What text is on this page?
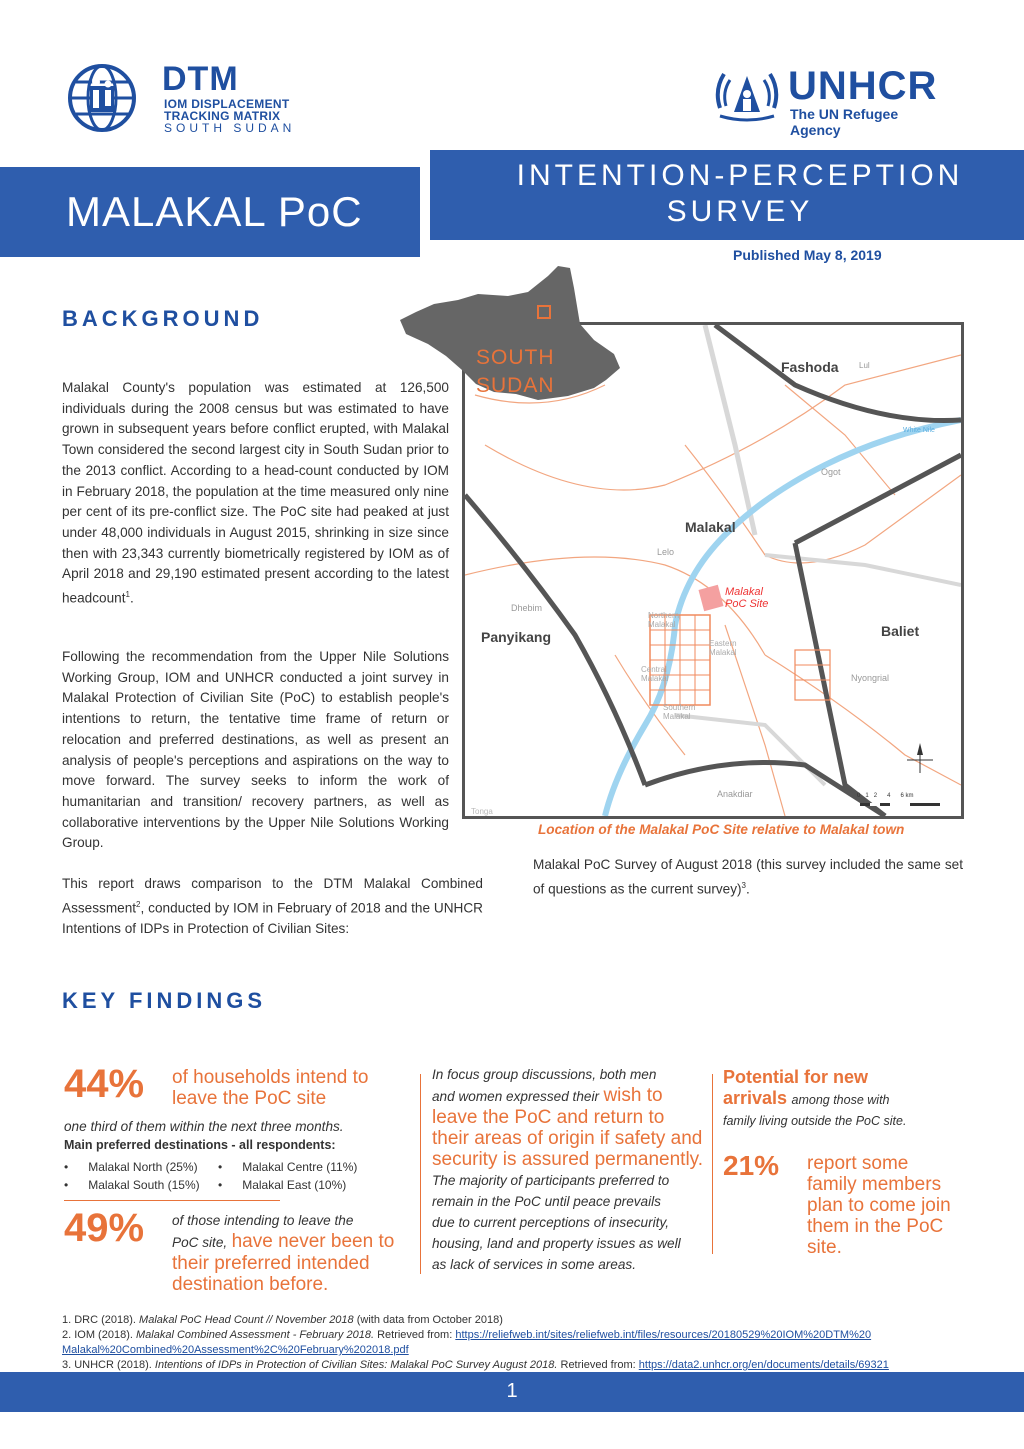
DTM
IOM DISPLACEMENT
TRACKING MATRIX
SOUTH SUDAN
UNHCR
The UN Refugee Agency
MALAKAL PoC
INTENTION-PERCEPTION
SURVEY
Published May 8, 2019
BACKGROUND
Malakal County's population was estimated at 126,500 individuals during the 2008 census but was estimated to have grown in subsequent years before conflict erupted, with Malakal Town considered the second largest city in South Sudan prior to the 2013 conflict. According to a head-count conducted by IOM in February 2018, the population at the time measured only nine per cent of its pre-conflict size. The PoC site had peaked at just under 48,000 individuals in August 2015, shrinking in size since then with 23,343 currently biometrically registered by IOM as of April 2018 and 29,190 estimated present according to the latest headcount$^1$.
Following the recommendation from the Upper Nile Solutions Working Group, IOM and UNHCR conducted a joint survey in Malakal Protection of Civilian Site (PoC) to establish people's intentions to return, the tentative time frame of return or relocation and preferred destinations, as well as present an analysis of people's perceptions and aspirations on the way to move forward. The survey seeks to inform the work of humanitarian and transition/ recovery partners, as well as collaborative interventions by the Upper Nile Solutions Working Group.
This report draws comparison to the DTM Malakal Combined Assessment$^2$, conducted by IOM in February of 2018 and the UNHCR Intentions of IDPs in Protection of Civilian Sites:
Malakal PoC Survey of August 2018 (this survey included the same set of questions as the current survey)$^3$.
Fashoda	Lul
White Nile
Ogot
Malakal
Lelo
Malakal
PoC Site
Dhebim
Panyikang	Baliet
Nyongrial
Northern
Malakal
Eastern
Malakal
Central
Malakal
Southern
Malakal
Anakdiar
Tonga
0 1 2 4 6 km
SOUTH
SUDAN
Location of the Malakal PoC Site relative to Malakal town
KEY FINDINGS
44% of households intend to
leave the PoC site
one third of them within the next three months.
Main preferred destinations - all respondents:
•      Malakal North (25%) •      Malakal Centre (11%)
•      Malakal South (15%) •      Malakal East (10%)
49% of those intending to leave the
PoC site, have never been to
their preferred intended
destination before.
In focus group discussions, both men
and women expressed their wish to
leave the PoC and return to
their areas of origin if safety and
security is assured permanently.
The majority of participants preferred to
remain in the PoC until peace prevails
due to current perceptions of insecurity,
housing, land and property issues as well
as lack of services in some areas.
Potential for new
arrivals among those with
family living outside the PoC site.
21% report some
family members
plan to come join
them in the PoC
site.
1. DRC (2018). Malakal PoC Head Count // November 2018 (with data from October 2018)
2. IOM (2018). Malakal Combined Assessment - February 2018. Retrieved from: https://reliefweb.int/sites/reliefweb.int/files/resources/20180529%20IOM%20DTM%20
Malakal%20Combined%20Assessment%2C%20February%202018.pdf
3. UNHCR (2018). Intentions of IDPs in Protection of Civilian Sites: Malakal PoC Survey August 2018. Retrieved from: https://data2.unhcr.org/en/documents/details/69321
1
